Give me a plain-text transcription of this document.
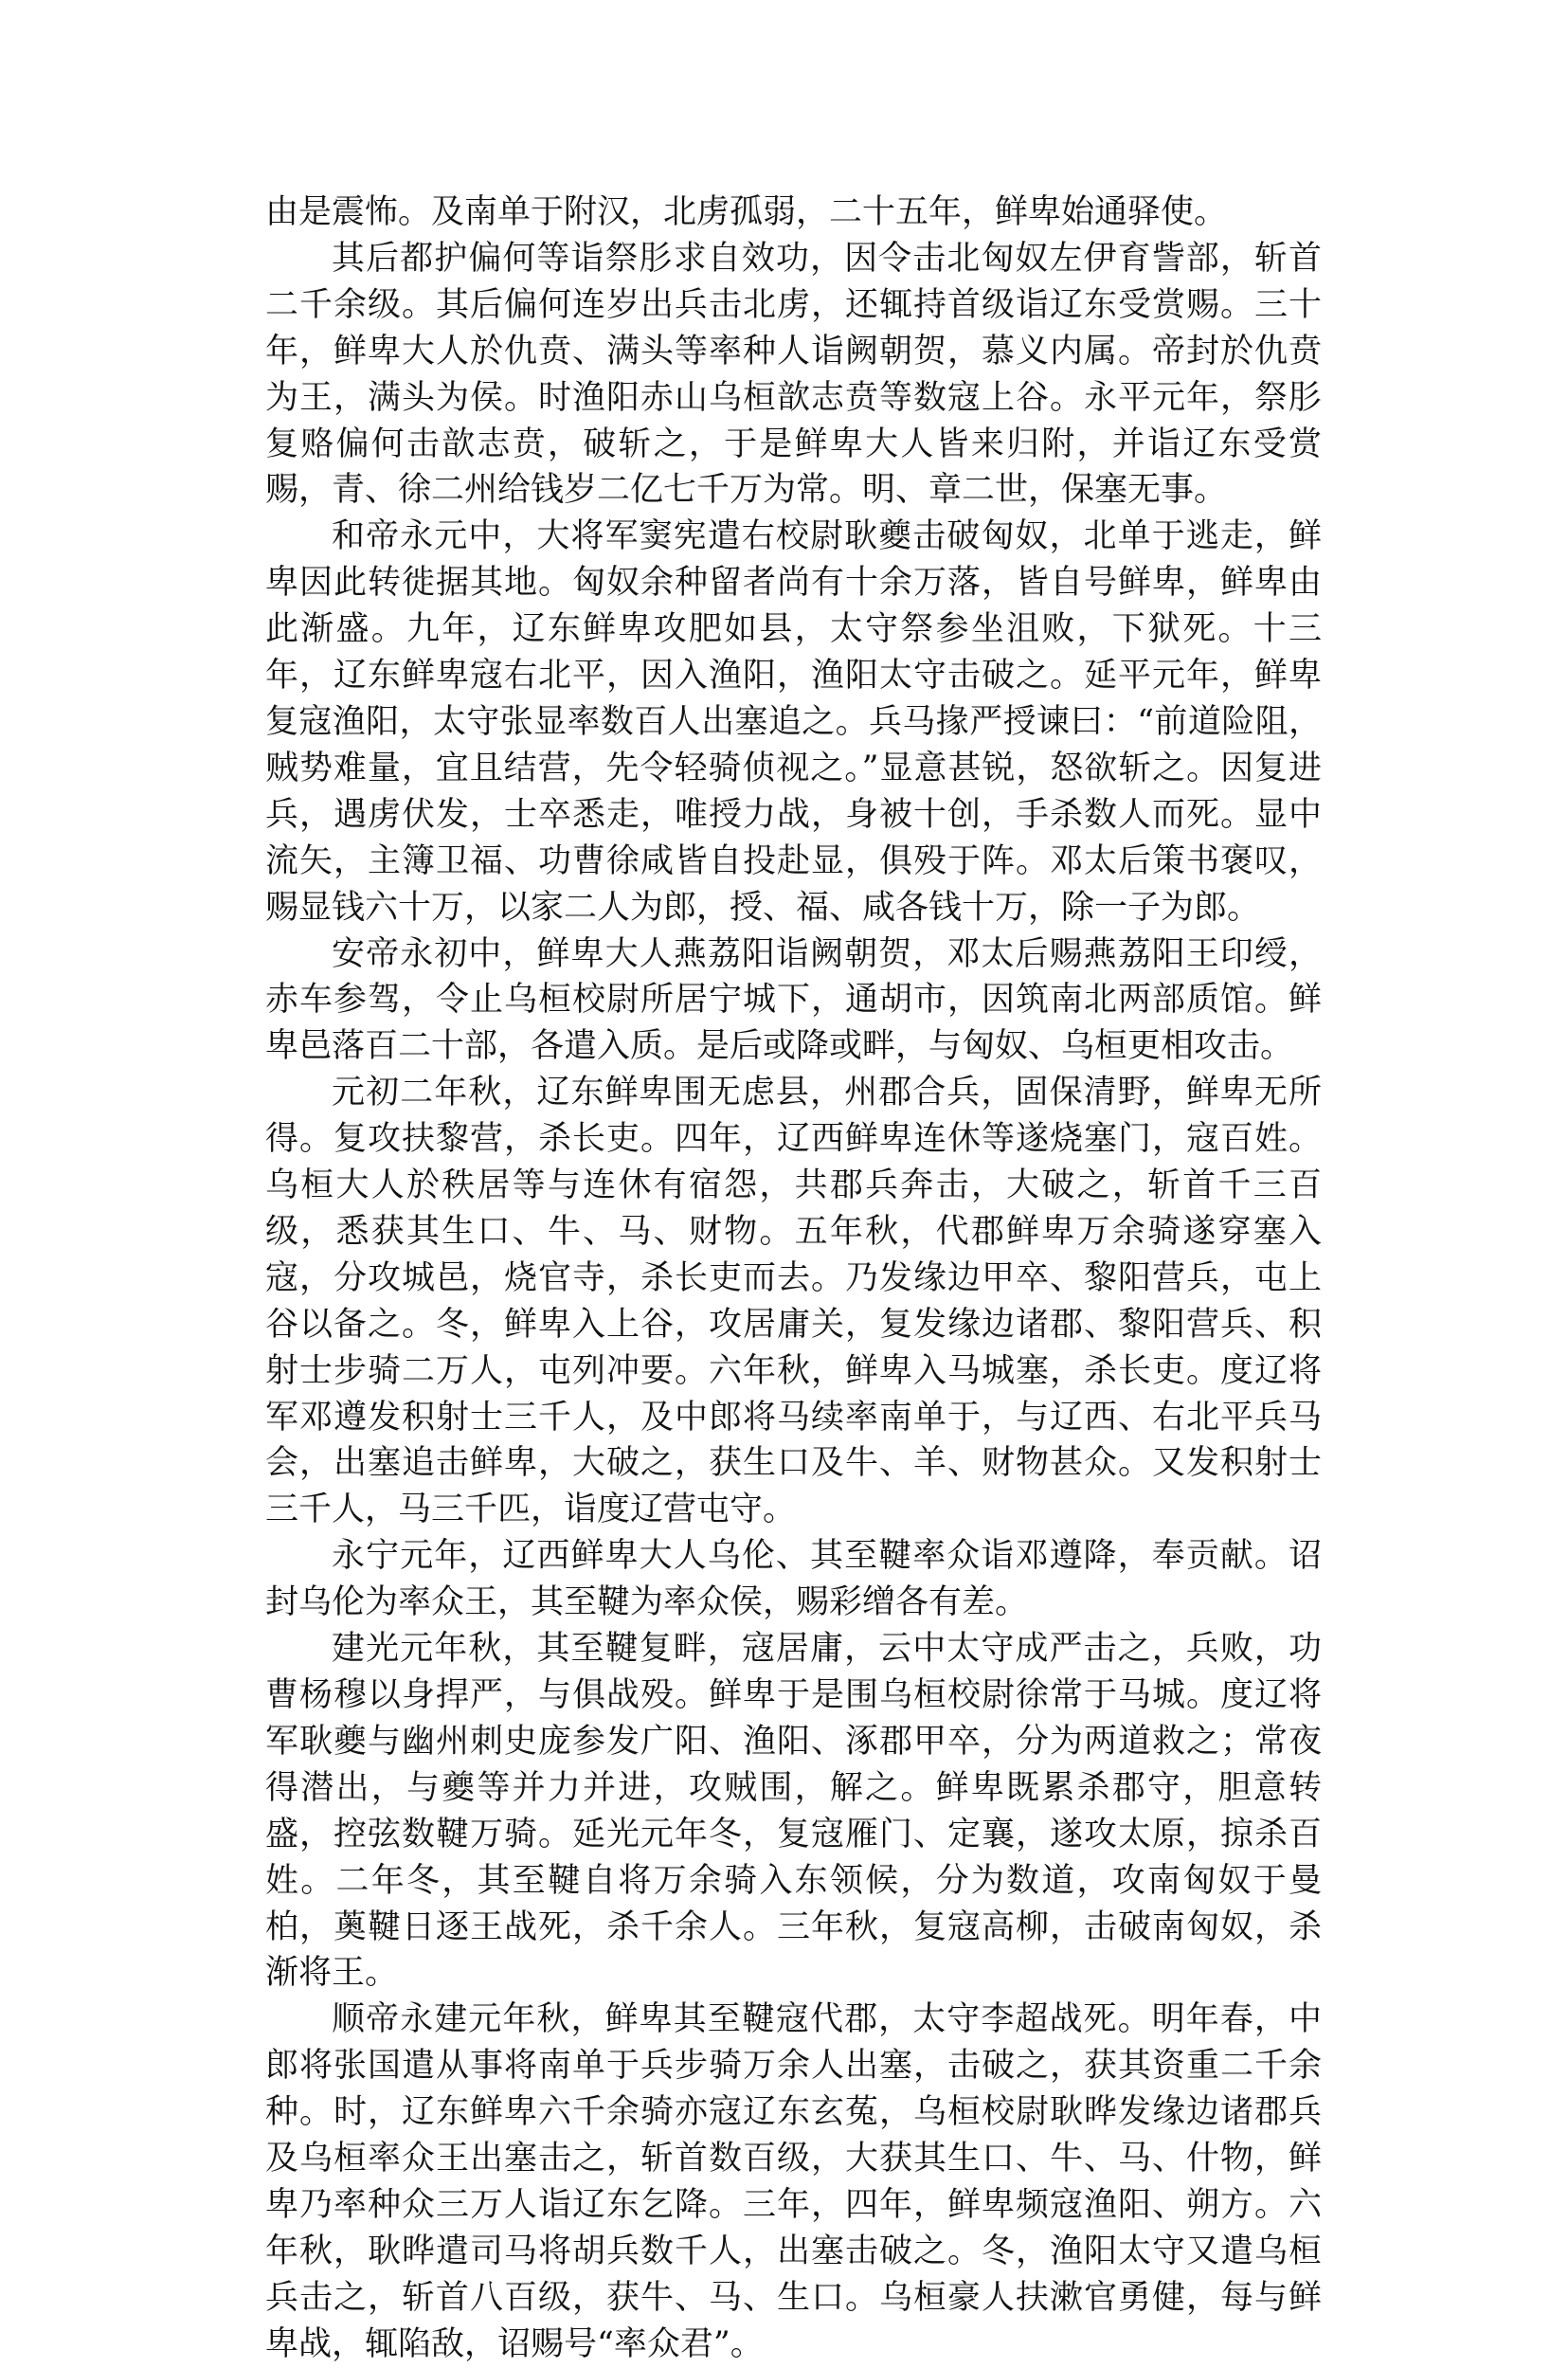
由是震怖。及南单于附汉，北虏孤弱，二十五年，鲜卑始通驿使。

其后都护偏何等诣祭肜求自效功，因令击北匈奴左伊育訾部，斩首二千余级。其后偏何连岁出兵击北虏，还辄持首级诣辽东受赏赐。三十年，鲜卑大人於仇贲、满头等率种人诣阙朝贺，慕义内属。帝封於仇贲为王，满头为侯。时渔阳赤山乌桓歆志贲等数寇上谷。永平元年，祭肜复赂偏何击歆志贲，破斩之，于是鲜卑大人皆来归附，并诣辽东受赏赐，青、徐二州给钱岁二亿七千万为常。明、章二世，保塞无事。

和帝永元中，大将军窦宪遣右校尉耿夔击破匈奴，北单于逃走，鲜卑因此转徙据其地。匈奴余种留者尚有十余万落，皆自号鲜卑，鲜卑由此渐盛。九年，辽东鲜卑攻肥如县，太守祭参坐沮败，下狱死。十三年，辽东鲜卑寇右北平，因入渔阳，渔阳太守击破之。延平元年，鲜卑复寇渔阳，太守张显率数百人出塞追之。兵马掾严授谏曰：“前道险阻，贼势难量，宜且结营，先令轻骑侦视之。”显意甚锐，怒欲斩之。因复进兵，遇虏伏发，士卒悉走，唯授力战，身被十创，手杀数人而死。显中流矢，主簿卫福、功曹徐咸皆自投赴显，俱殁于阵。邓太后策书褒叹，赐显钱六十万，以家二人为郎，授、福、咸各钱十万，除一子为郎。

安帝永初中，鲜卑大人燕荔阳诣阙朝贺，邓太后赐燕荔阳王印绶，赤车参驾，令止乌桓校尉所居宁城下，通胡市，因筑南北两部质馆。鲜卑邑落百二十部，各遣入质。是后或降或畔，与匈奴、乌桓更相攻击。

元初二年秋，辽东鲜卑围无虑县，州郡合兵，固保清野，鲜卑无所得。复攻扶黎营，杀长吏。四年，辽西鲜卑连休等遂烧塞门，寇百姓。乌桓大人於秩居等与连休有宿怨，共郡兵奔击，大破之，斩首千三百级，悉获其生口、牛、马、财物。五年秋，代郡鲜卑万余骑遂穿塞入寇，分攻城邑，烧官寺，杀长吏而去。乃发缘边甲卒、黎阳营兵，屯上谷以备之。冬，鲜卑入上谷，攻居庸关，复发缘边诸郡、黎阳营兵、积射士步骑二万人，屯列冲要。六年秋，鲜卑入马城塞，杀长吏。度辽将军邓遵发积射士三千人，及中郎将马续率南单于，与辽西、右北平兵马会，出塞追击鲜卑，大破之，获生口及牛、羊、财物甚众。又发积射士三千人，马三千匹，诣度辽营屯守。

永宁元年，辽西鲜卑大人乌伦、其至鞬率众诣邓遵降，奉贡献。诏封乌伦为率众王，其至鞬为率众侯，赐彩缯各有差。

建光元年秋，其至鞬复畔，寇居庸，云中太守成严击之，兵败，功曹杨穆以身捍严，与俱战殁。鲜卑于是围乌桓校尉徐常于马城。度辽将军耿夔与幽州刺史庞参发广阳、渔阳、涿郡甲卒，分为两道救之；常夜得潜出，与夔等并力并进，攻贼围，解之。鲜卑既累杀郡守，胆意转盛，控弦数鞬万骑。延光元年冬，复寇雁门、定襄，遂攻太原，掠杀百姓。二年冬，其至鞬自将万余骑入东领候，分为数道，攻南匈奴于曼柏，薁鞬日逐王战死，杀千余人。三年秋，复寇高柳，击破南匈奴，杀渐将王。

顺帝永建元年秋，鲜卑其至鞬寇代郡，太守李超战死。明年春，中郎将张国遣从事将南单于兵步骑万余人出塞，击破之，获其资重二千余种。时，辽东鲜卑六千余骑亦寇辽东玄菟，乌桓校尉耿晔发缘边诸郡兵及乌桓率众王出塞击之，斩首数百级，大获其生口、牛、马、什物，鲜卑乃率种众三万人诣辽东乞降。三年，四年，鲜卑频寇渔阳、朔方。六年秋，耿晔遣司马将胡兵数千人，出塞击破之。冬，渔阳太守又遣乌桓兵击之，斩首八百级，获牛、马、生口。乌桓豪人扶漱官勇健，每与鲜卑战，辄陷敌，诏赐号“率众君”。
